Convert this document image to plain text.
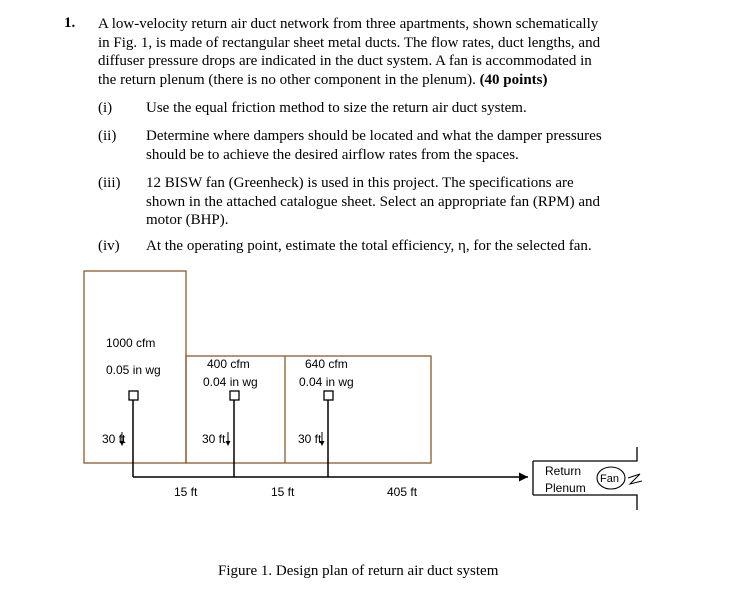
1. A low-velocity return air duct network from three apartments, shown schematically
in Fig. 1, is made of rectangular sheet metal ducts. The flow rates, duct lengths, and
diffuser pressure drops are indicated in the duct system. A fan is accommodated in
the return plenum (there is no other component in the plenum). (40 points)
(i) Use the equal friction method to size the return air duct system.
(ii) Determine where dampers should be located and what the damper pressures
should be to achieve the desired airflow rates from the spaces.
(iii) 12 BISW fan (Greenheck) is used in this project. The specifications are
shown in the attached catalogue sheet. Select an appropriate fan (RPM) and
motor (BHP).
(iv) At the operating point, estimate the total efficiency, η, for the selected fan.
1000 cfm
0.05 in wg	400 cfm
0.04 in wg
640 cfm
0.04 in wg
30 ft	30 ft	30 ft
15 ft	15 ft	405 ft
Return
Plenum
Fan
Figure 1. Design plan of return air duct system
